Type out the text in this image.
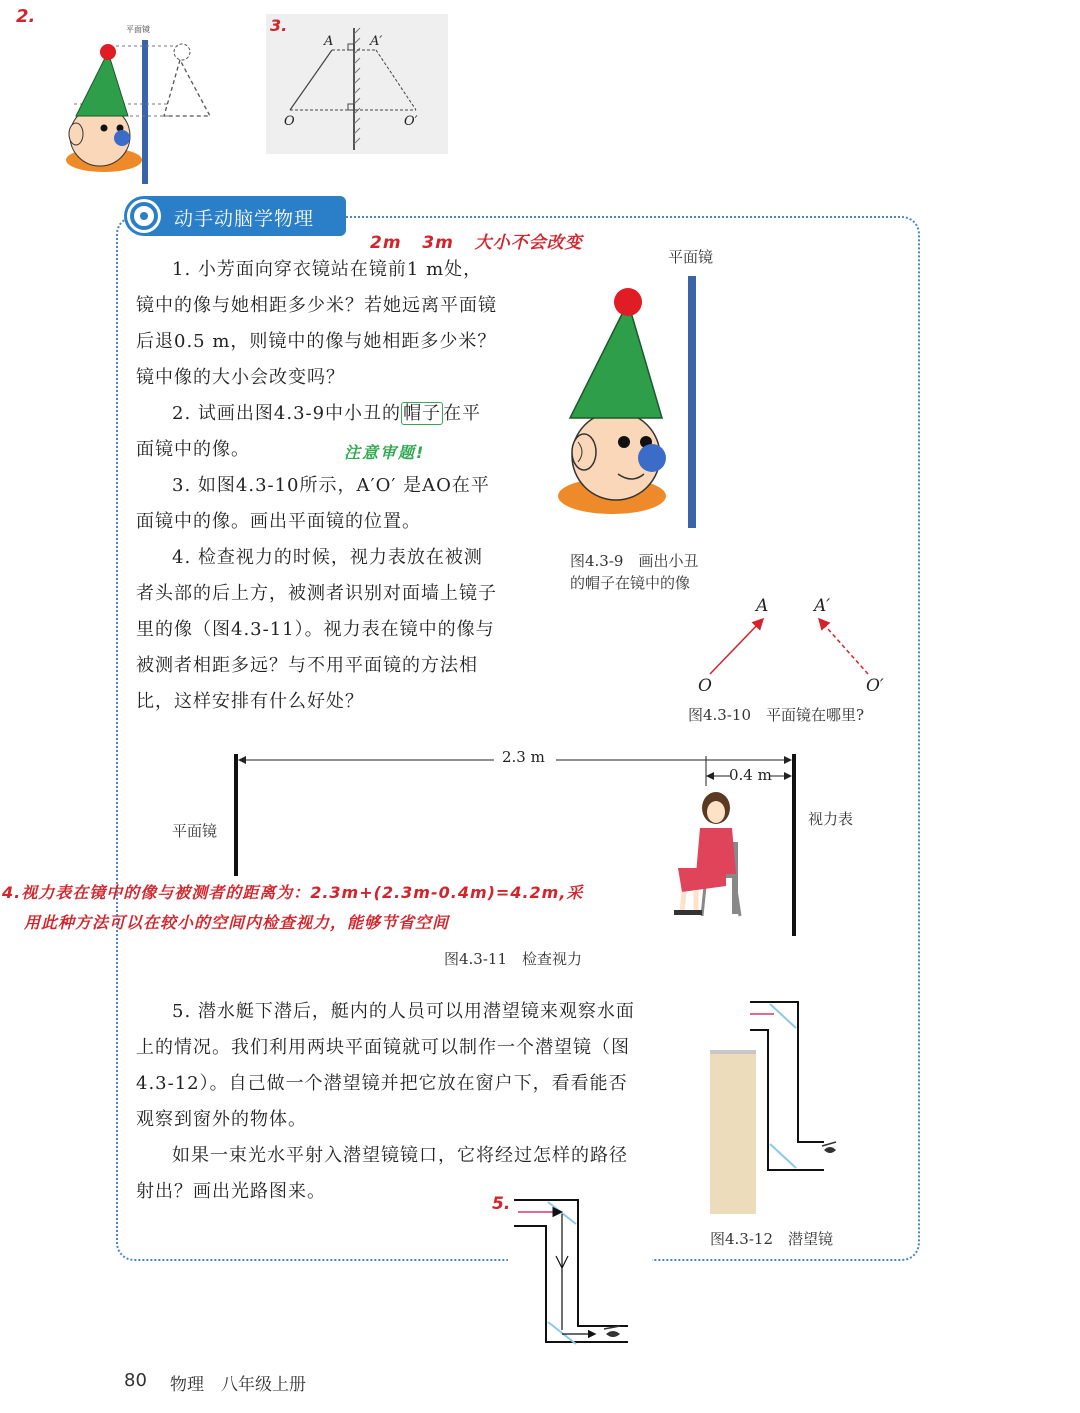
2.
平面镜	3.
A	A′
O	O′
动手动脑学物理
2m   3m   大小不会改变

1. 小芳面向穿衣镜站在镜前1 m处，镜中的像与她相距多少米？若她远离平面镜后退0.5 m，则镜中的像与她相距多少米？镜中像的大小会改变吗？

2. 试画出图4.3-9中小丑的 帽子 在平面镜中的像。

3. 如图4.3-10所示，A′O′ 是AO在平面镜中的像。画出平面镜的位置。

4. 检查视力的时候，视力表放在被测者头部的后上方，被测者识别对面墙上镜子里的像（图4.3-11）。视力表在镜中的像与被测者相距多远？与不用平面镜的方法相比，这样安排有什么好处？

注意审题!
平面镜
图4.3-9　画出小丑
的帽子在镜中的像
A	A′
O	O′
图4.3-10　平面镜在哪里?
2.3 m
0.4 m
平面镜
视力表
图4.3-11　检查视力
4.视力表在镜中的像与被测者的距离为：2.3m+(2.3m-0.4m)=4.2m,采
用此种方法可以在较小的空间内检查视力，能够节省空间

5. 潜水艇下潜后，艇内的人员可以用潜望镜来观察水面上的情况。我们利用两块平面镜就可以制作一个潜望镜（图4.3-12）。自己做一个潜望镜并把它放在窗户下，看看能否观察到窗外的物体。

如果一束光水平射入潜望镜镜口，它将经过怎样的路径射出？画出光路图来。

图4.3-12　潜望镜
5.
80 物理　八年级上册
